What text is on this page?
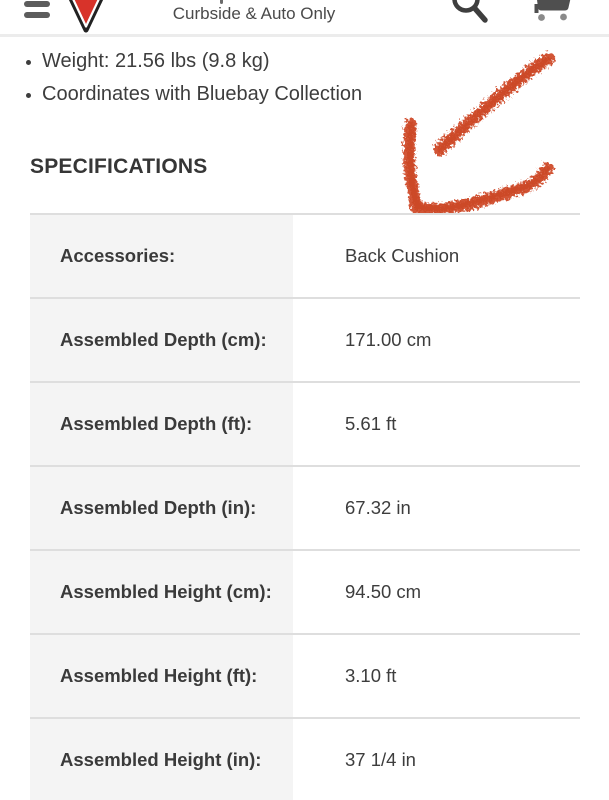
Curbside & Auto Only
• Weight: 21.56 lbs (9.8 kg)
• Coordinates with Bluebay Collection
SPECIFICATIONS
Accessories:	Back Cushion
Assembled Depth (cm):	171.00 cm
Assembled Depth (ft):	5.61 ft
Assembled Depth (in):	67.32 in
Assembled Height (cm):	94.50 cm
Assembled Height (ft):	3.10 ft
Assembled Height (in):	37 1/4 in
